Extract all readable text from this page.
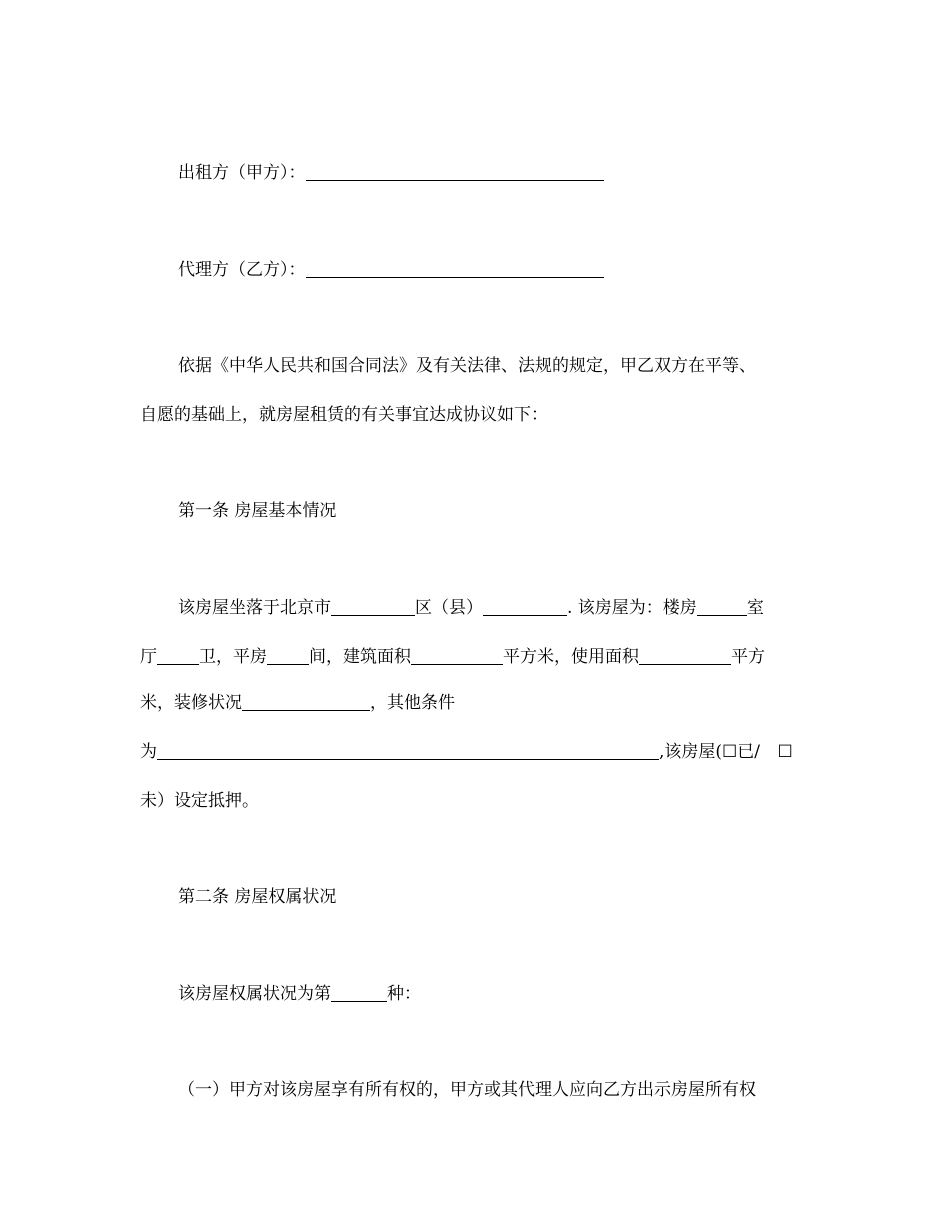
出租方（甲方）：
代理方（乙方）：
依据《中华人民共和国合同法》及有关法律、法规的规定，甲乙双方在平等、
自愿的基础上，就房屋租赁的有关事宜达成协议如下：
第一条 房屋基本情况
该房屋坐落于北京市	区（县）	. 该房屋为：楼房	室
厅 卫，平房 间，建筑面积	平方米，使用面积	平方
米，装修状况	，其他条件
为	,该房屋(☐已/ ☐
未）设定抵押。
第二条 房屋权属状况
该房屋权属状况为第	种：
（一）甲方对该房屋享有所有权的，甲方或其代理人应向乙方出示房屋所有权
